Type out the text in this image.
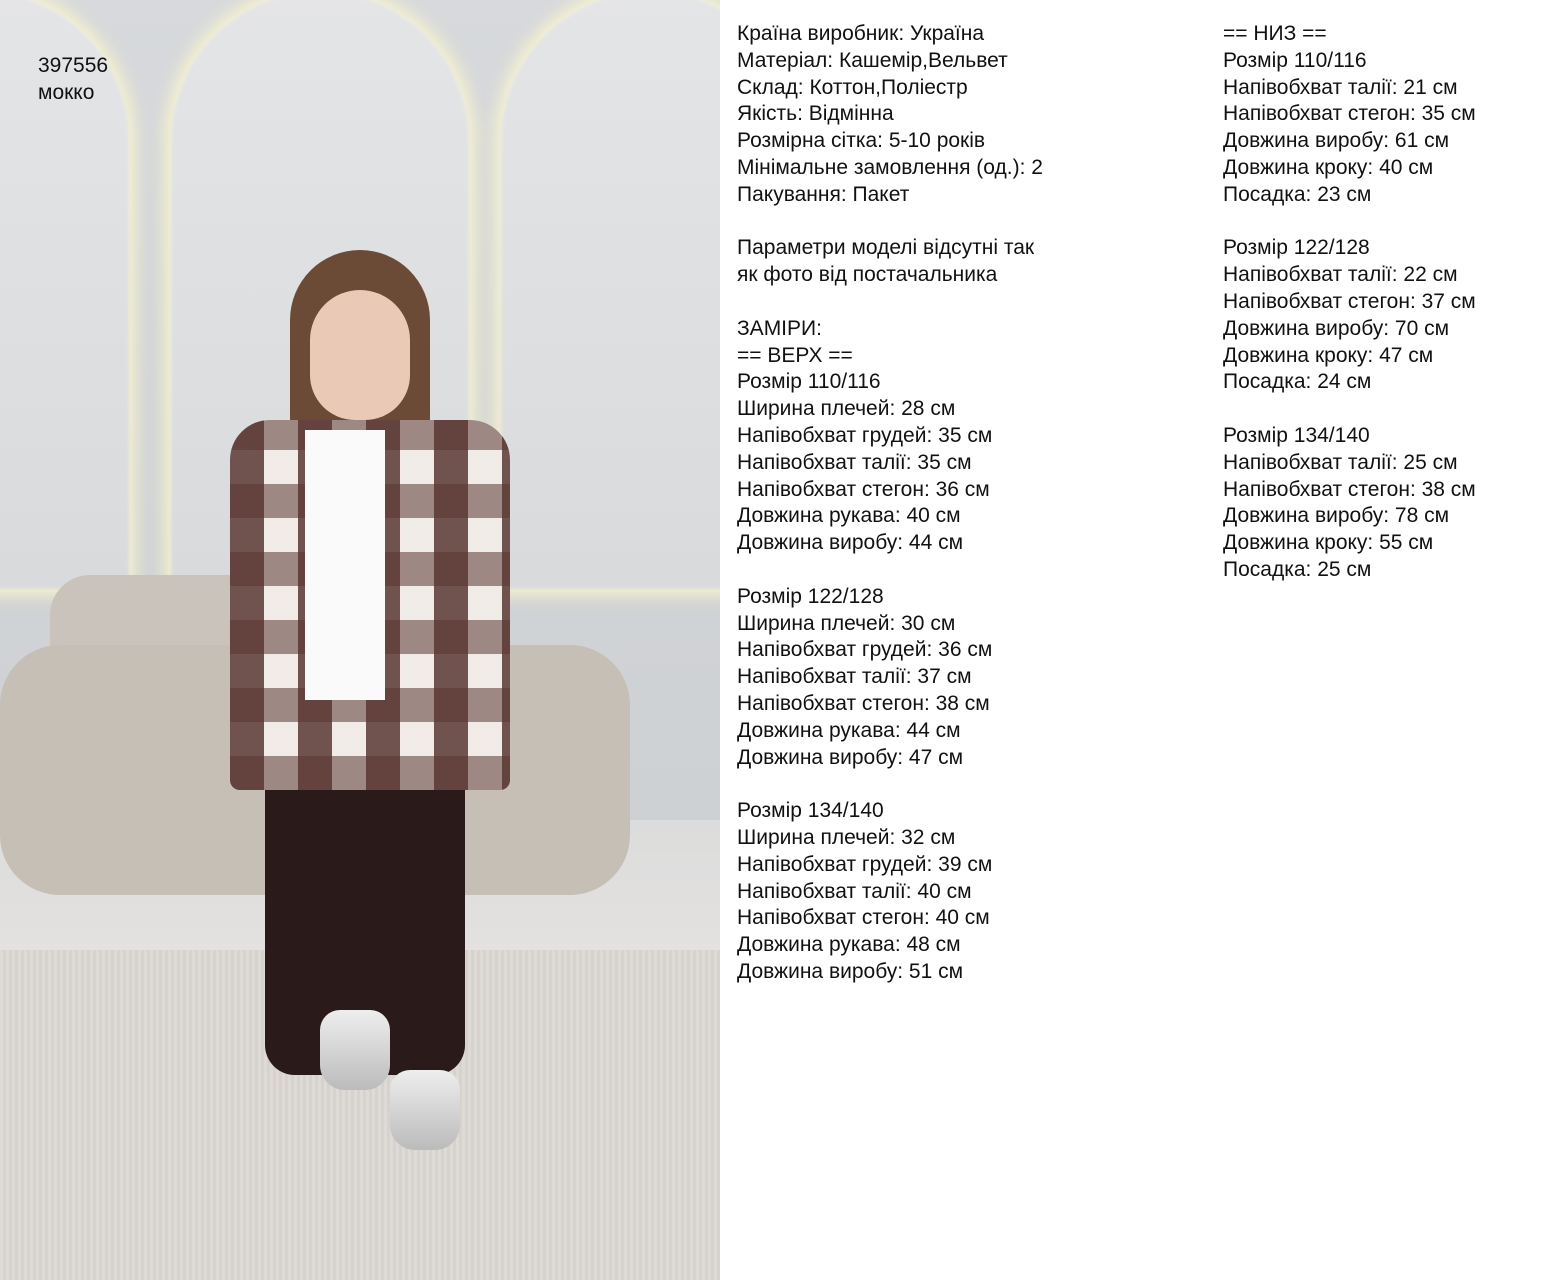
397556
мокко
Країна виробник: Україна
Матеріал: Кашемір,Вельвет
Склад: Коттон,Поліестр
Якість: Відмінна
Розмірна сітка: 5-10 років
Мінімальне замовлення (од.): 2
Пакування: Пакет
Параметри моделі відсутні так
як фото від постачальника
ЗАМІРИ:
== ВЕРХ ==
Розмір 110/116
Ширина плечей: 28 см
Напівобхват грудей: 35 см
Напівобхват талії: 35 см
Напівобхват стегон: 36 см
Довжина рукава: 40 см
Довжина виробу: 44 см
Розмір 122/128
Ширина плечей: 30 см
Напівобхват грудей: 36 см
Напівобхват талії: 37 см
Напівобхват стегон: 38 см
Довжина рукава: 44 см
Довжина виробу: 47 см
Розмір 134/140
Ширина плечей: 32 см
Напівобхват грудей: 39 см
Напівобхват талії: 40 см
Напівобхват стегон: 40 см
Довжина рукава: 48 см
Довжина виробу: 51 см
== НИЗ ==
Розмір 110/116
Напівобхват талії: 21 см
Напівобхват стегон: 35 см
Довжина виробу: 61 см
Довжина кроку: 40 см
Посадка: 23 см
Розмір 122/128
Напівобхват талії: 22 см
Напівобхват стегон: 37 см
Довжина виробу: 70 см
Довжина кроку: 47 см
Посадка: 24 см
Розмір 134/140
Напівобхват талії: 25 см
Напівобхват стегон: 38 см
Довжина виробу: 78 см
Довжина кроку: 55 см
Посадка: 25 см
